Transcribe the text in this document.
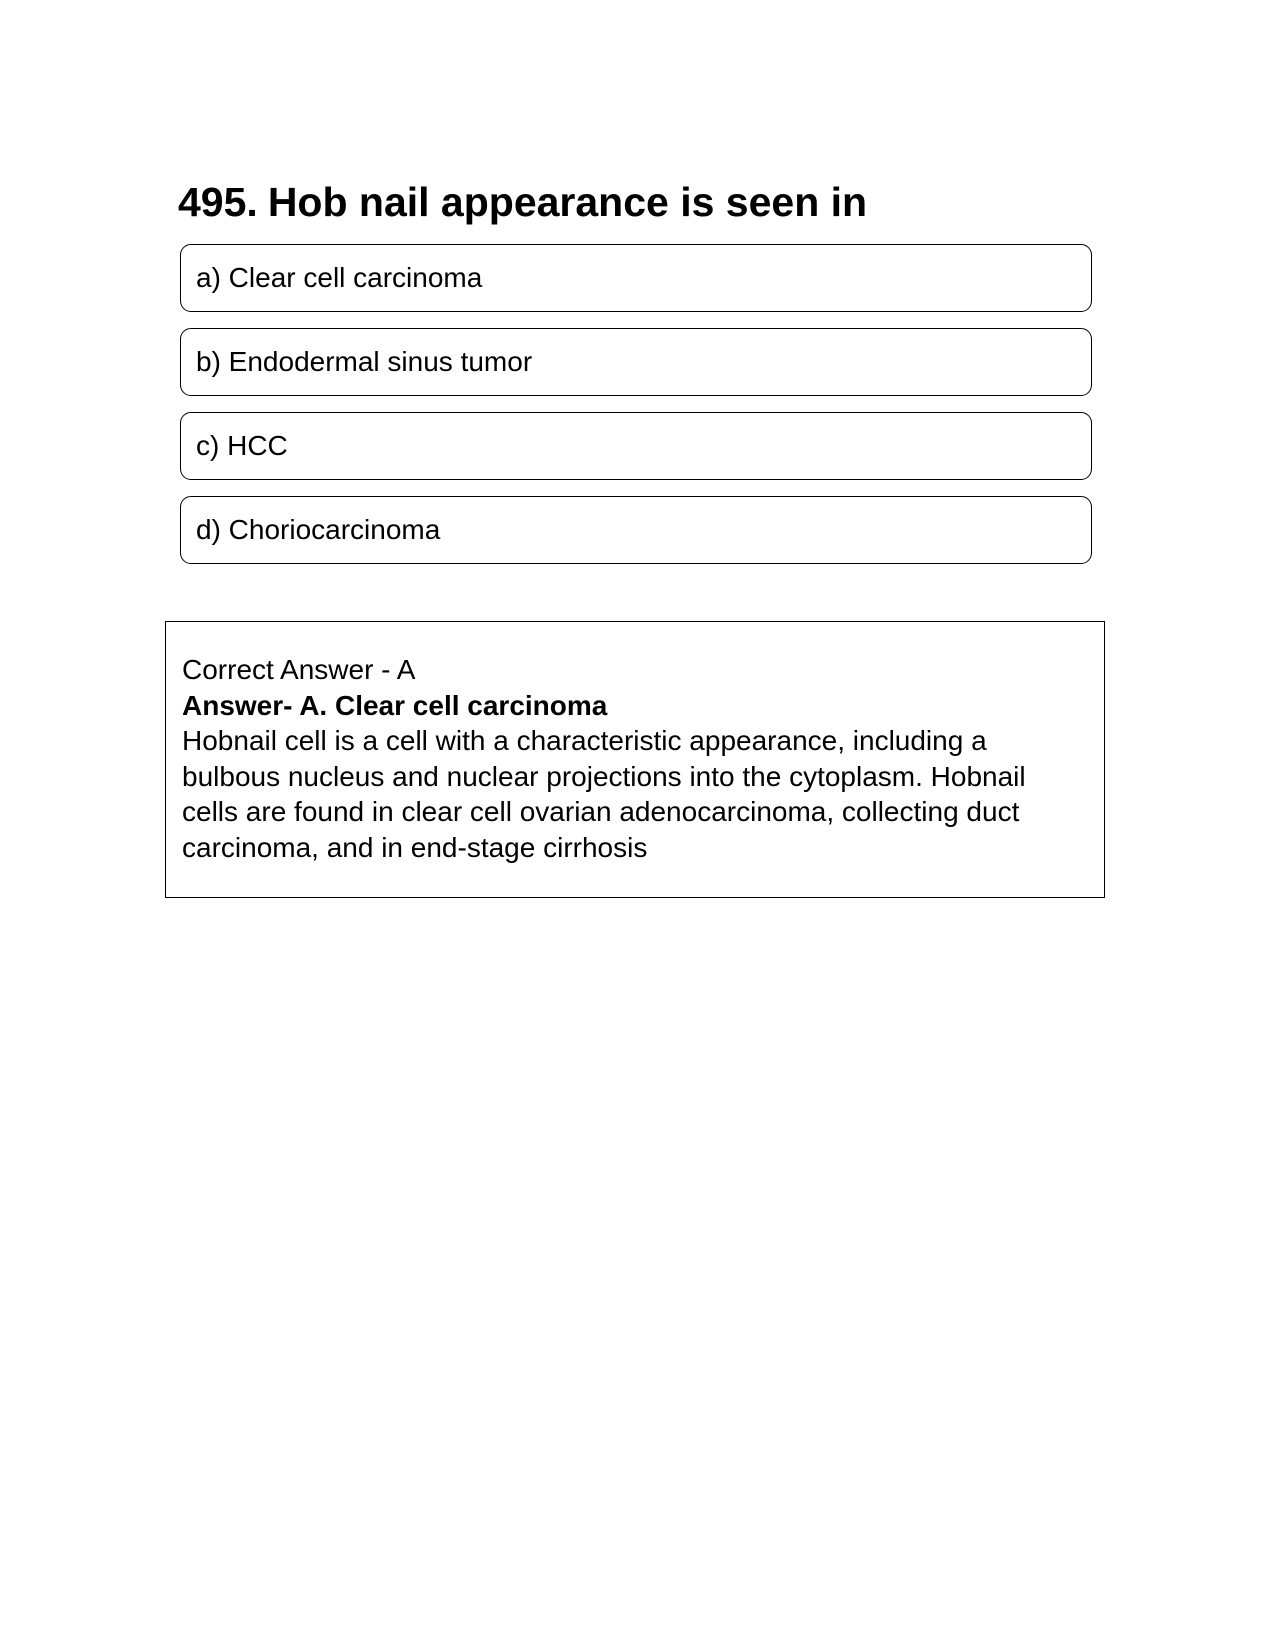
495. Hob nail appearance is seen in
a) Clear cell carcinoma
b) Endodermal sinus tumor
c) HCC
d) Choriocarcinoma
Correct Answer - A
Answer- A. Clear cell carcinoma
Hobnail cell is a cell with a characteristic appearance, including a bulbous nucleus and nuclear projections into the cytoplasm. Hobnail cells are found in clear cell ovarian adenocarcinoma, collecting duct carcinoma, and in end-stage cirrhosis
